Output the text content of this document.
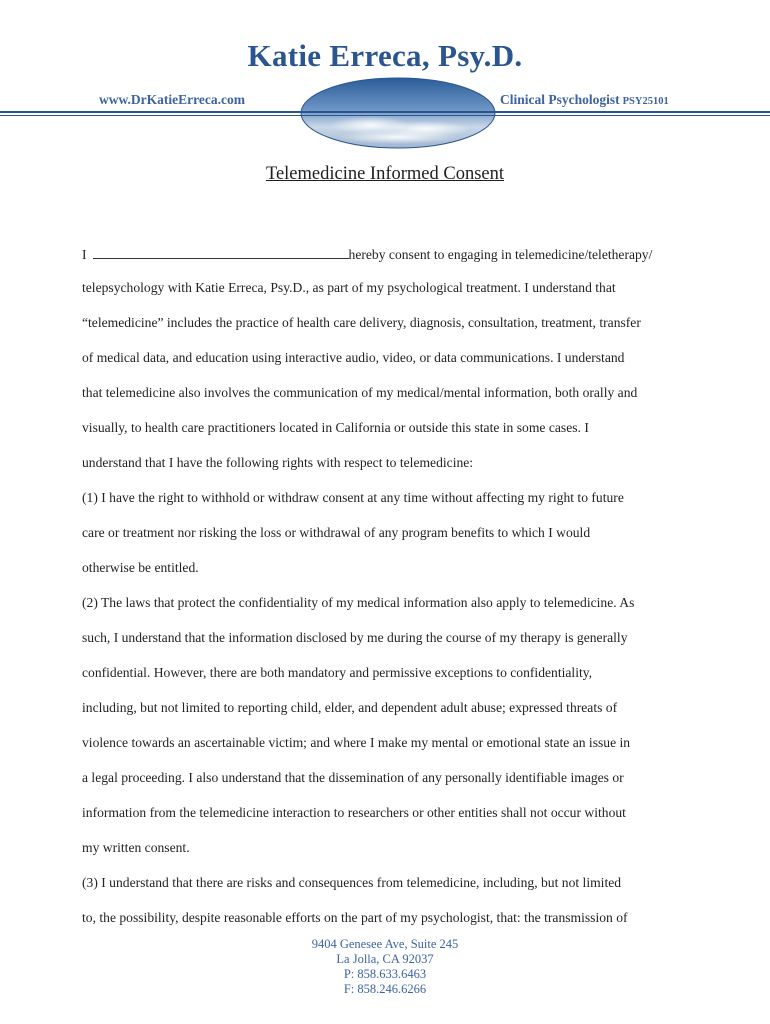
Katie Erreca, Psy.D.
www.DrKatieErreca.com	Clinical Psychologist PSY25101
Telemedicine Informed Consent
I	hereby consent to engaging in telemedicine/teletherapy/
telepsychology with Katie Erreca, Psy.D., as part of my psychological treatment. I understand that
“telemedicine” includes the practice of health care delivery, diagnosis, consultation, treatment, transfer
of medical data, and education using interactive audio, video, or data communications. I understand
that telemedicine also involves the communication of my medical/mental information, both orally and
visually, to health care practitioners located in California or outside this state in some cases. I
understand that I have the following rights with respect to telemedicine:
(1) I have the right to withhold or withdraw consent at any time without affecting my right to future
care or treatment nor risking the loss or withdrawal of any program benefits to which I would
otherwise be entitled.
(2) The laws that protect the confidentiality of my medical information also apply to telemedicine. As
such, I understand that the information disclosed by me during the course of my therapy is generally
confidential. However, there are both mandatory and permissive exceptions to confidentiality,
including, but not limited to reporting child, elder, and dependent adult abuse; expressed threats of
violence towards an ascertainable victim; and where I make my mental or emotional state an issue in
a legal proceeding. I also understand that the dissemination of any personally identifiable images or
information from the telemedicine interaction to researchers or other entities shall not occur without
my written consent.
(3) I understand that there are risks and consequences from telemedicine, including, but not limited
to, the possibility, despite reasonable efforts on the part of my psychologist, that: the transmission of
9404 Genesee Ave, Suite 245
La Jolla, CA 92037
P: 858.633.6463
F: 858.246.6266
